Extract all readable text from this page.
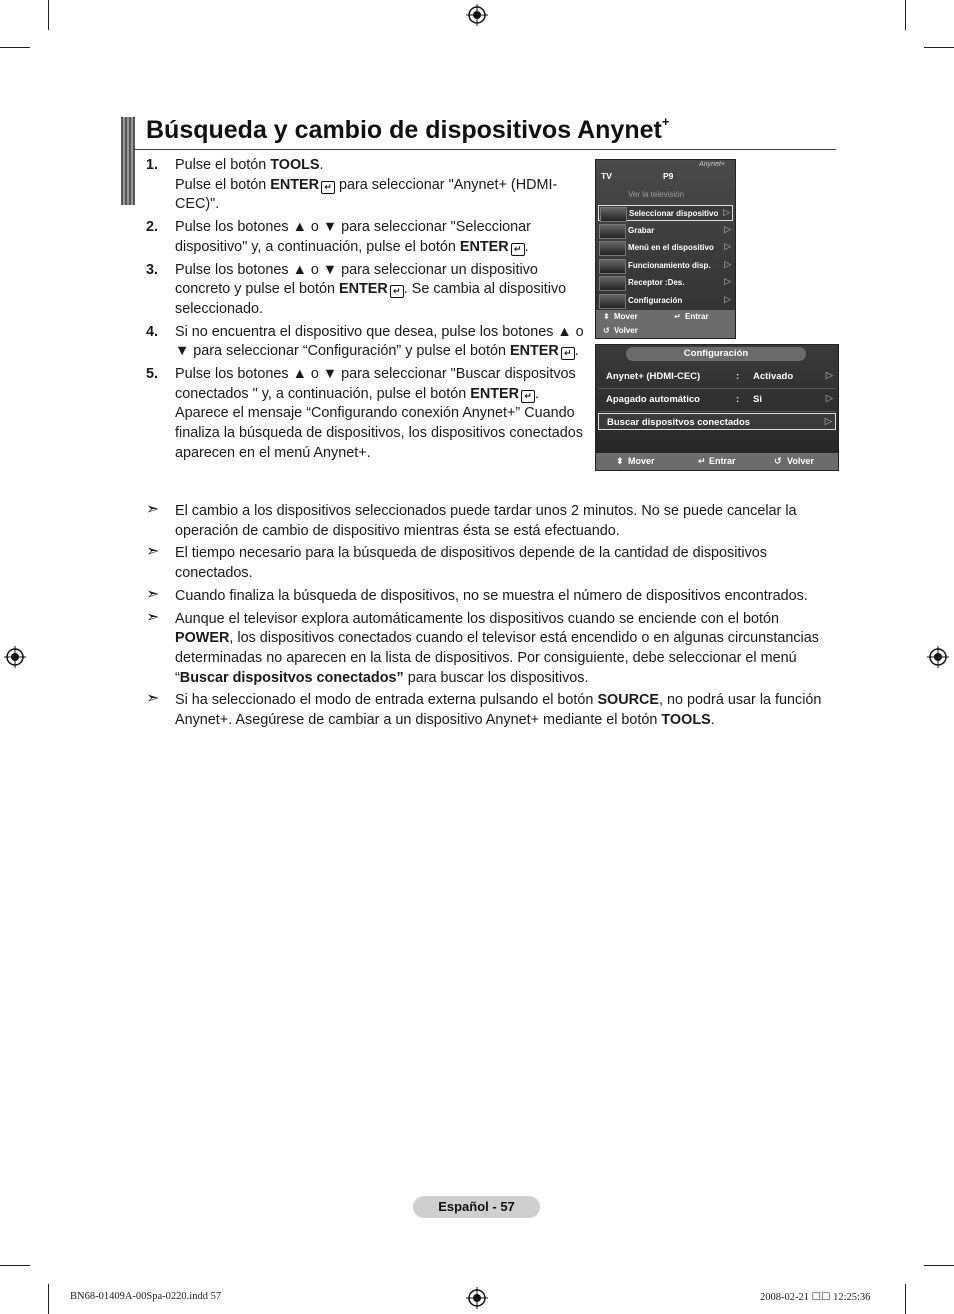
Búsqueda y cambio de dispositivos Anynet+
1. Pulse el botón TOOLS.
Pulse el botón ENTER ↵ para seleccionar "Anynet+ (HDMI-CEC)".
2. Pulse los botones ▲ o ▼ para seleccionar "Seleccionar dispositivo" y, a continuación, pulse el botón ENTER ↵ .
3. Pulse los botones ▲ o ▼ para seleccionar un dispositivo concreto y pulse el botón ENTER ↵ . Se cambia al dispositivo seleccionado.
4. Si no encuentra el dispositivo que desea, pulse los botones ▲ o ▼ para seleccionar “Configuración” y pulse el botón ENTER ↵ .
5. Pulse los botones ▲ o ▼ para seleccionar "Buscar dispositvos conectados " y, a continuación, pulse el botón ENTER ↵ .
Aparece el mensaje “Configurando conexión Anynet+” Cuando finaliza la búsqueda de dispositivos, los dispositivos conectados aparecen en el menú Anynet+.
➣ El cambio a los dispositivos seleccionados puede tardar unos 2 minutos. No se puede cancelar la operación de cambio de dispositivo mientras ésta se está efectuando.
➣ El tiempo necesario para la búsqueda de dispositivos depende de la cantidad de dispositivos conectados.
➣ Cuando finaliza la búsqueda de dispositivos, no se muestra el número de dispositivos encontrados.
➣ Aunque el televisor explora automáticamente los dispositivos cuando se enciende con el botón POWER, los dispositivos conectados cuando el televisor está encendido o en algunas circunstancias determinadas no aparecen en la lista de dispositivos. Por consiguiente, debe seleccionar el menú “Buscar dispositvos conectados” para buscar los dispositivos.
➣ Si ha seleccionado el modo de entrada externa pulsando el botón SOURCE, no podrá usar la función Anynet+. Asegúrese de cambiar a un dispositivo Anynet+ mediante el botón TOOLS.
TV	P9
Anynet+
Ver la televisión
Seleccionar dispositivo ▷
Grabar	▷
Menú en el dispositivo ▷
Funcionamiento disp. ▷
Receptor :Des.	▷
Configuración	▷
⬍ Mover	↵ Entrar
↺ Volver
Configuración
Anynet+ (HDMI-CEC)	: Activado	▷
Apagado automático	: Si	▷
Buscar dispositvos conectados	▷
⬍ Mover	↵ Entrar	↺ Volver
Español - 57
BN68-01409A-00Spa-0220.indd 57	2008-02-21 ☐☐ 12:25:36
